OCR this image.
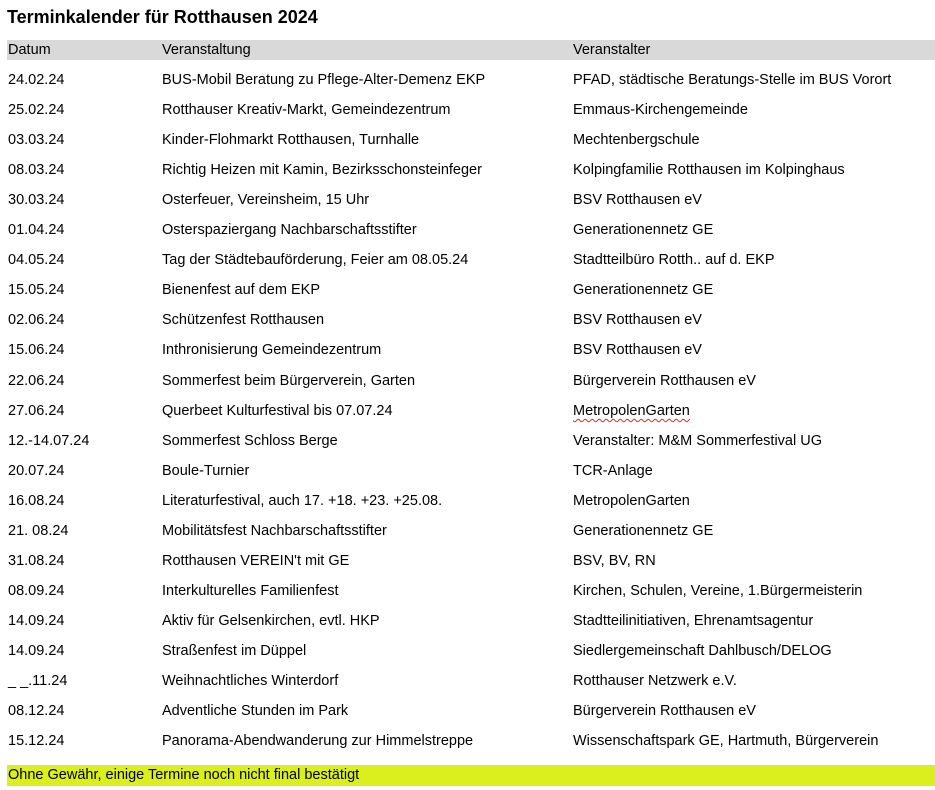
Terminkalender für Rotthausen 2024
Datum	Veranstaltung	Veranstalter
24.02.24	BUS-Mobil Beratung zu Pflege-Alter-Demenz EKP	PFAD, städtische Beratungs-Stelle im BUS Vorort
25.02.24	Rotthauser Kreativ-Markt, Gemeindezentrum	Emmaus-Kirchengemeinde
03.03.24	Kinder-Flohmarkt Rotthausen, Turnhalle	Mechtenbergschule
08.03.24	Richtig Heizen mit Kamin, Bezirksschonsteinfeger	Kolpingfamilie Rotthausen im Kolpinghaus
30.03.24	Osterfeuer, Vereinsheim, 15 Uhr	BSV Rotthausen eV
01.04.24	Osterspaziergang Nachbarschaftsstifter	Generationennetz GE
04.05.24	Tag der Städtebauförderung, Feier am 08.05.24	Stadtteilbüro Rotth.. auf d. EKP
15.05.24	Bienenfest auf dem EKP	Generationennetz GE
02.06.24	Schützenfest Rotthausen	BSV Rotthausen eV
15.06.24	Inthronisierung Gemeindezentrum	BSV Rotthausen eV
22.06.24	Sommerfest beim Bürgerverein, Garten	Bürgerverein Rotthausen eV
27.06.24	Querbeet Kulturfestival bis 07.07.24	MetropolenGarten
12.-14.07.24	Sommerfest Schloss Berge	Veranstalter: M&M Sommerfestival UG
20.07.24	Boule-Turnier	TCR-Anlage
16.08.24	Literaturfestival, auch 17. +18. +23. +25.08.	MetropolenGarten
21. 08.24	Mobilitätsfest Nachbarschaftsstifter	Generationennetz GE
31.08.24	Rotthausen VEREIN't mit GE	BSV, BV, RN
08.09.24	Interkulturelles Familienfest	Kirchen, Schulen, Vereine, 1.Bürgermeisterin
14.09.24	Aktiv für Gelsenkirchen, evtl. HKP	Stadtteilinitiativen, Ehrenamtsagentur
14.09.24	Straßenfest im Düppel	Siedlergemeinschaft Dahlbusch/DELOG
_ _.11.24	Weihnachtliches Winterdorf	Rotthauser Netzwerk e.V.
08.12.24	Adventliche Stunden im Park	Bürgerverein Rotthausen eV
15.12.24	Panorama-Abendwanderung zur Himmelstreppe	Wissenschaftspark GE, Hartmuth, Bürgerverein
Ohne Gewähr, einige Termine noch nicht final bestätigt
